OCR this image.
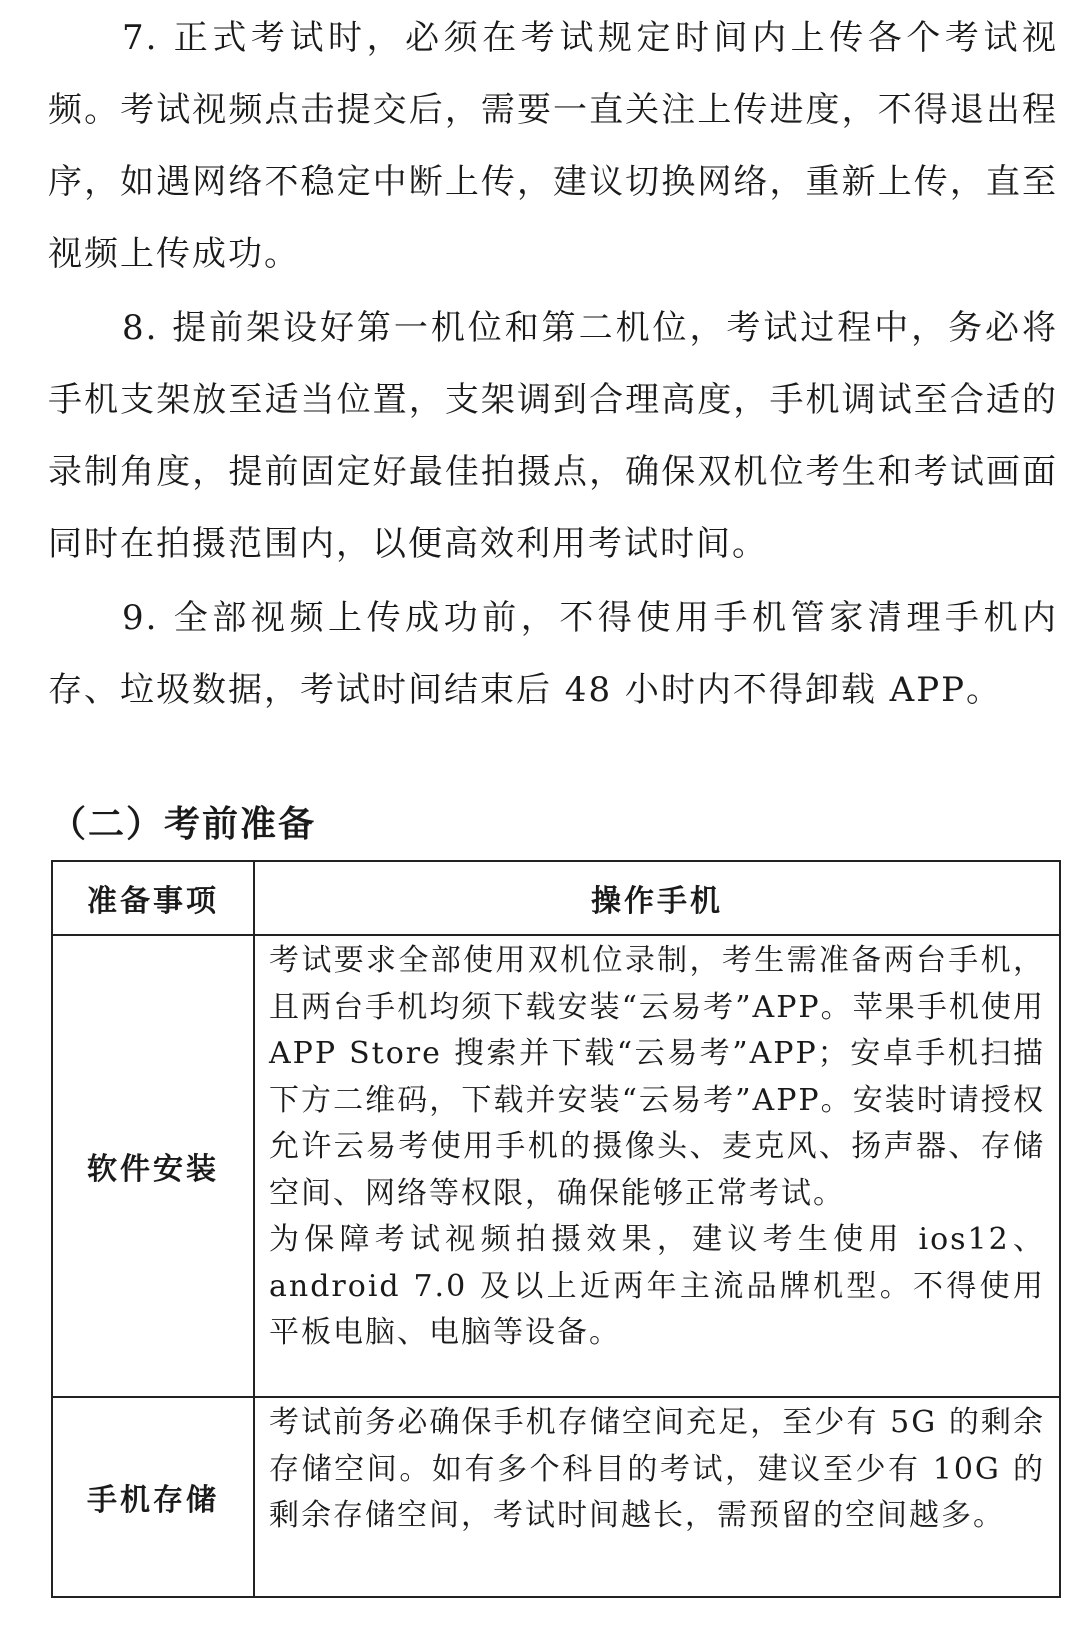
7. 正式考试时，必须在考试规定时间内上传各个考试视频。考试视频点击提交后，需要一直关注上传进度，不得退出程序，如遇网络不稳定中断上传，建议切换网络，重新上传，直至视频上传成功。

8. 提前架设好第一机位和第二机位，考试过程中，务必将手机支架放至适当位置，支架调到合理高度，手机调试至合适的录制角度，提前固定好最佳拍摄点，确保双机位考生和考试画面同时在拍摄范围内，以便高效利用考试时间。

9. 全部视频上传成功前，不得使用手机管家清理手机内存、垃圾数据，考试时间结束后 48 小时内不得卸载 APP。

（二）考前准备
准备事项	操作手机
软件安装	考试要求全部使用双机位录制，考生需准备两台手机，且两台手机均须下载安装“云易考”APP。苹果手机使用 APP Store 搜索并下载“云易考”APP；安卓手机扫描下方二维码，下载并安装“云易考”APP。安装时请授权允许云易考使用手机的摄像头、麦克风、扬声器、存储空间、网络等权限，确保能够正常考试。

为保障考试视频拍摄效果，建议考生使用 ios12、android 7.0 及以上近两年主流品牌机型。不得使用平板电脑、电脑等设备。

手机存储	考试前务必确保手机存储空间充足，至少有 5G 的剩余存储空间。如有多个科目的考试，建议至少有 10G 的剩余存储空间，考试时间越长，需预留的空间越多。
